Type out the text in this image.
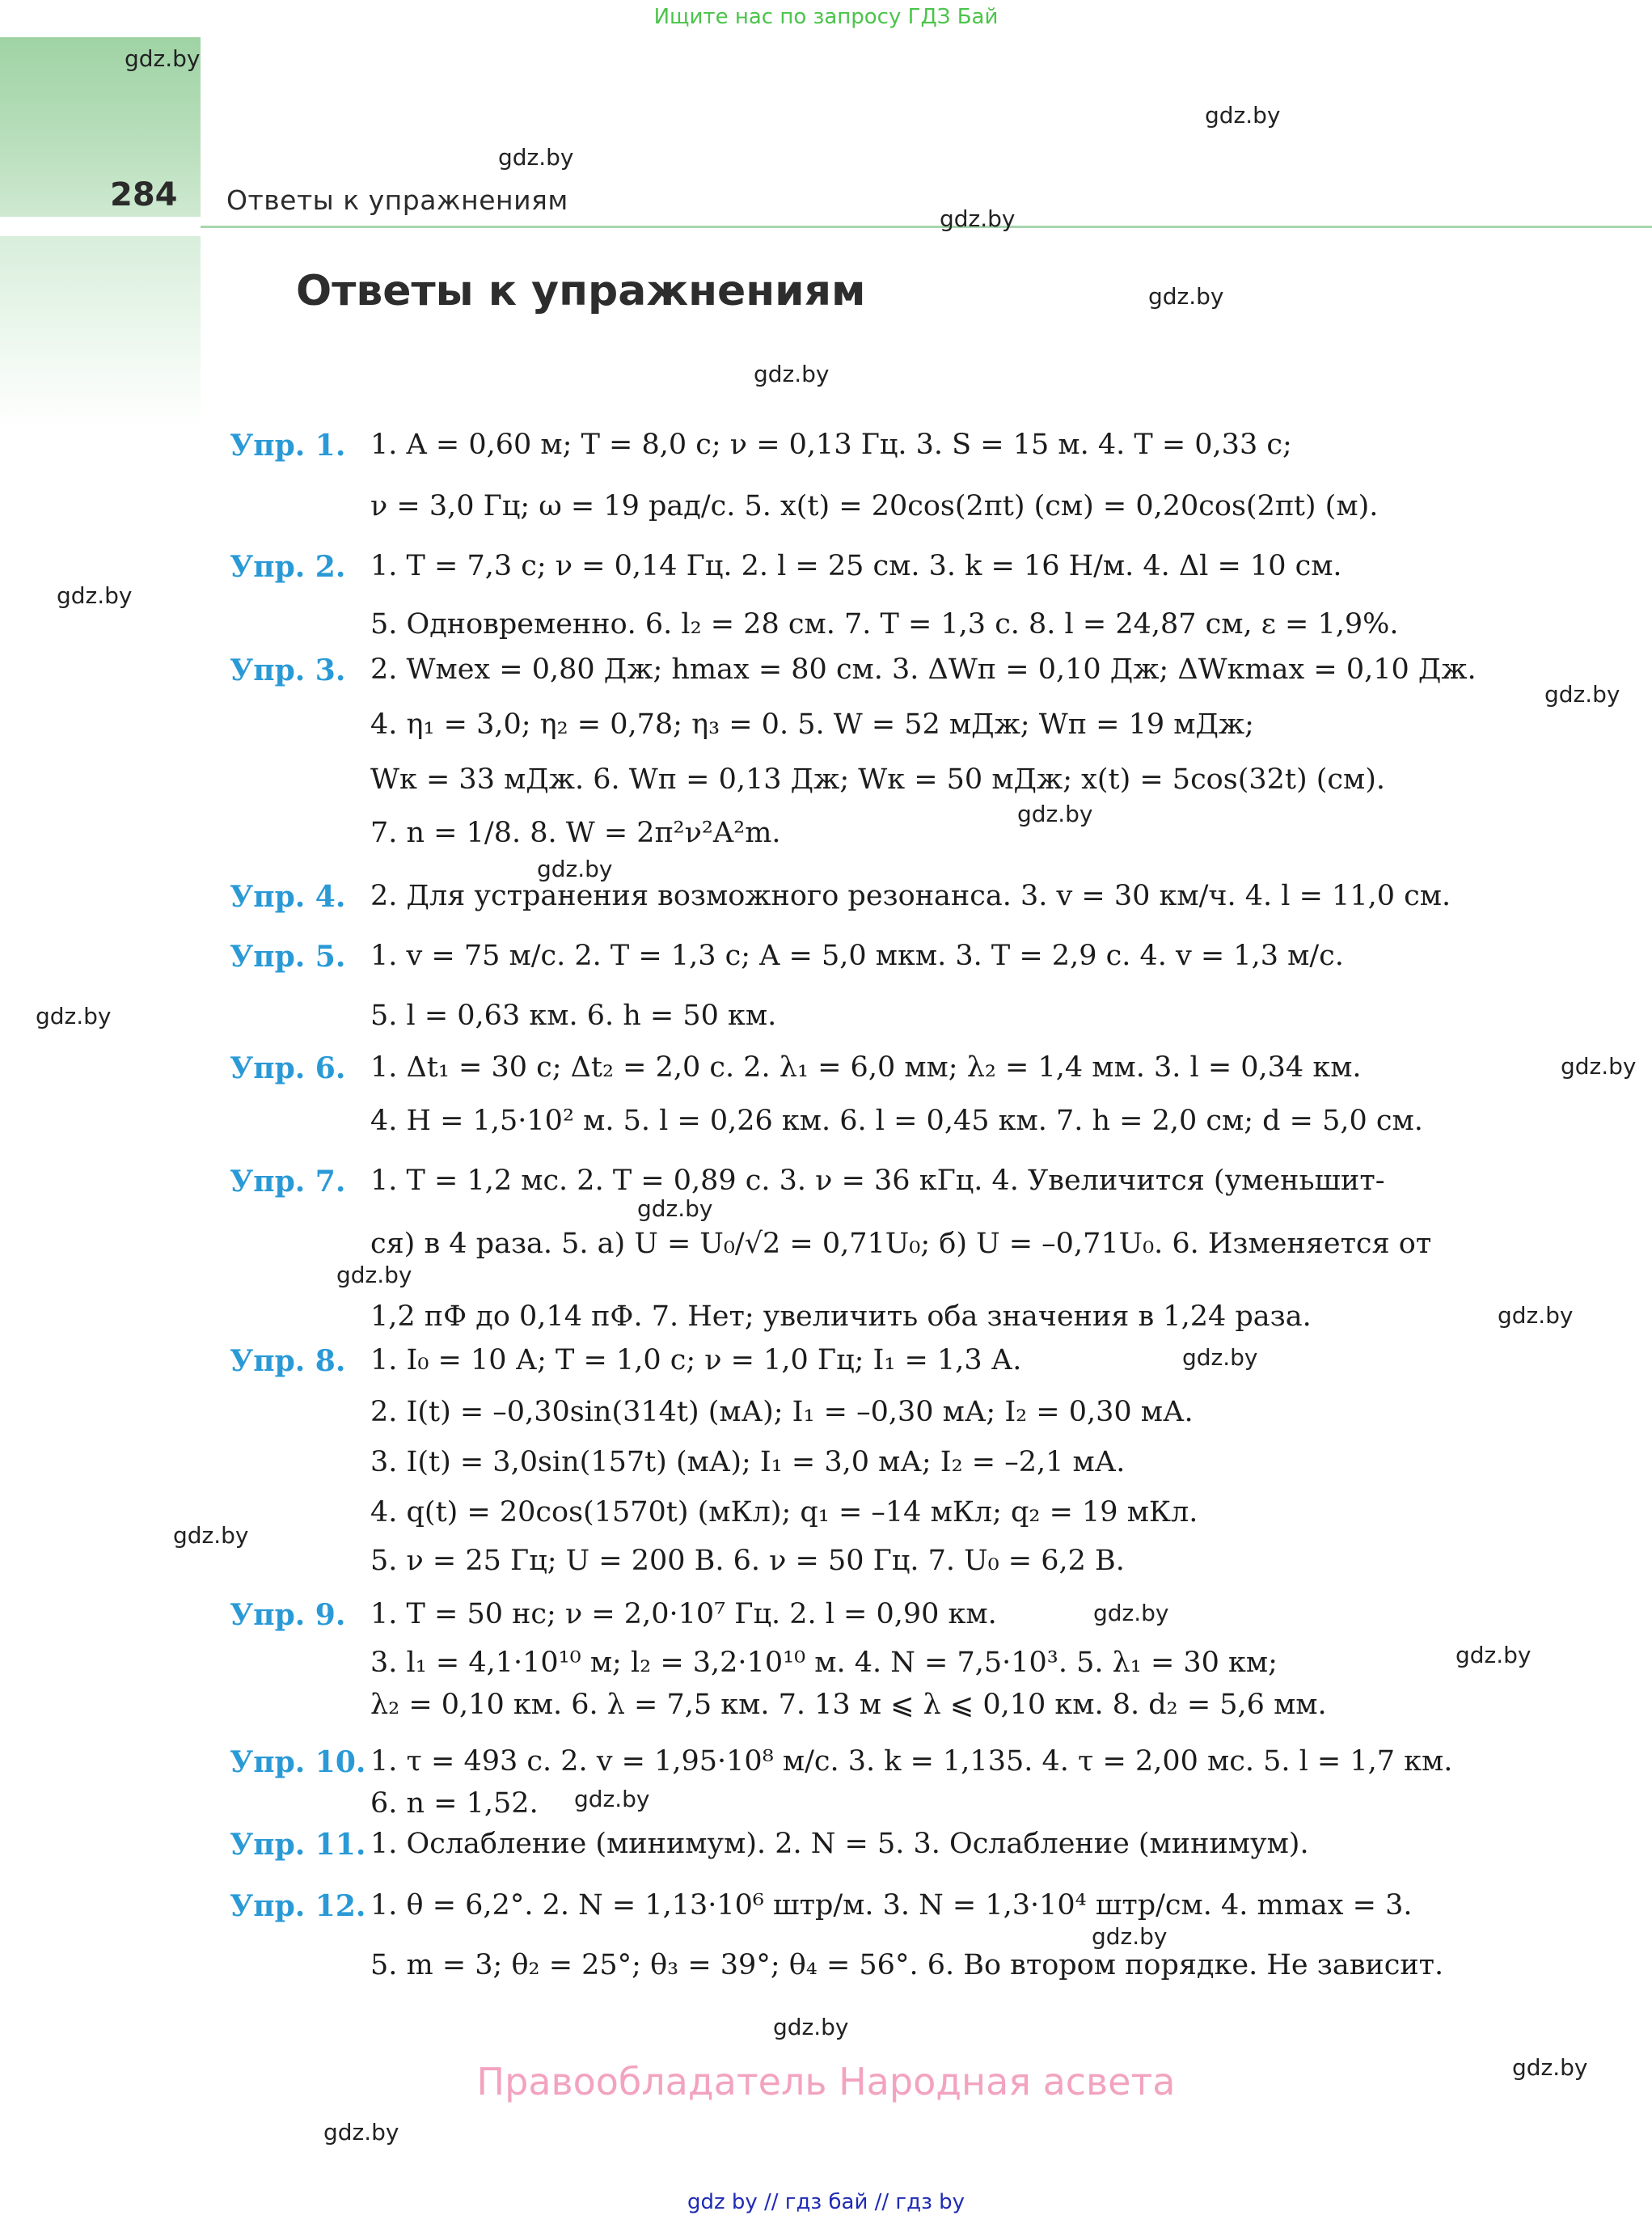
Ищите нас по запросу ГДЗ Бай
284 Ответы к упражнениям
Ответы к упражнениям
gdz.by
gdz.by
gdz.by
gdz.by
gdz.by
gdz.by
gdz.by
gdz.by
gdz.by
gdz.by
gdz.by
gdz.by
gdz.by
gdz.by
gdz.by
gdz.by
gdz.by
gdz.by
gdz.by
gdz.by
gdz.by
gdz.by
gdz.by
gdz.by
Упр. 1. 1. A = 0,60 м; T = 8,0 с; ν = 0,13 Гц. 3. S = 15 м. 4. T = 0,33 с;
ν = 3,0 Гц; ω = 19 рад/с. 5. x(t) = 20cos(2πt) (см) = 0,20cos(2πt) (м).
Упр. 2. 1. T = 7,3 с; ν = 0,14 Гц. 2. l = 25 см. 3. k = 16 Н/м. 4. Δl = 10 см.
5. Одновременно. 6. l₂ = 28 см. 7. T = 1,3 с. 8. l = 24,87 см, ε = 1,9%.
Упр. 3. 2. Wмех = 0,80 Дж; hmax = 80 см. 3. ΔWп = 0,10 Дж; ΔWкmax = 0,10 Дж.
4. η₁ = 3,0; η₂ = 0,78; η₃ = 0. 5. W = 52 мДж; Wп = 19 мДж;
Wк = 33 мДж. 6. Wп = 0,13 Дж; Wк = 50 мДж; x(t) = 5cos(32t) (см).
7. n = 1/8. 8. W = 2π²ν²A²m.
Упр. 4. 2. Для устранения возможного резонанса. 3. v = 30 км/ч. 4. l = 11,0 см.
Упр. 5. 1. v = 75 м/с. 2. T = 1,3 с; A = 5,0 мкм. 3. T = 2,9 с. 4. v = 1,3 м/с.
5. l = 0,63 км. 6. h = 50 км.
Упр. 6. 1. Δt₁ = 30 с; Δt₂ = 2,0 с. 2. λ₁ = 6,0 мм; λ₂ = 1,4 мм. 3. l = 0,34 км.
4. H = 1,5·10² м. 5. l = 0,26 км. 6. l = 0,45 км. 7. h = 2,0 см; d = 5,0 см.
Упр. 7. 1. T = 1,2 мс. 2. T = 0,89 с. 3. ν = 36 кГц. 4. Увеличится (уменьшит-
ся) в 4 раза. 5. а) U = U₀/√2 = 0,71U₀; б) U = –0,71U₀. 6. Изменяется от
1,2 пФ до 0,14 пФ. 7. Нет; увеличить оба значения в 1,24 раза.
Упр. 8. 1. I₀ = 10 А; T = 1,0 с; ν = 1,0 Гц; I₁ = 1,3 А.
2. I(t) = –0,30sin(314t) (мА); I₁ = –0,30 мА; I₂ = 0,30 мА.
3. I(t) = 3,0sin(157t) (мА); I₁ = 3,0 мА; I₂ = –2,1 мА.
4. q(t) = 20cos(1570t) (мКл); q₁ = –14 мКл; q₂ = 19 мКл.
5. ν = 25 Гц; U = 200 В. 6. ν = 50 Гц. 7. U₀ = 6,2 В.
Упр. 9. 1. T = 50 нс; ν = 2,0·10⁷ Гц. 2. l = 0,90 км.
3. l₁ = 4,1·10¹⁰ м; l₂ = 3,2·10¹⁰ м. 4. N = 7,5·10³. 5. λ₁ = 30 км;
λ₂ = 0,10 км. 6. λ = 7,5 км. 7. 13 м ⩽ λ ⩽ 0,10 км. 8. d₂ = 5,6 мм.
Упр. 10. 1. τ = 493 с. 2. v = 1,95·10⁸ м/с. 3. k = 1,135. 4. τ = 2,00 мс. 5. l = 1,7 км.
6. n = 1,52.
Упр. 11. 1. Ослабление (минимум). 2. N = 5. 3. Ослабление (минимум).
Упр. 12. 1. θ = 6,2°. 2. N = 1,13·10⁶ штр/м. 3. N = 1,3·10⁴ штр/см. 4. mmax = 3.
5. m = 3; θ₂ = 25°; θ₃ = 39°; θ₄ = 56°. 6. Во втором порядке. Не зависит.
Правообладатель Народная асвета
gdz by // гдз бай // гдз by
